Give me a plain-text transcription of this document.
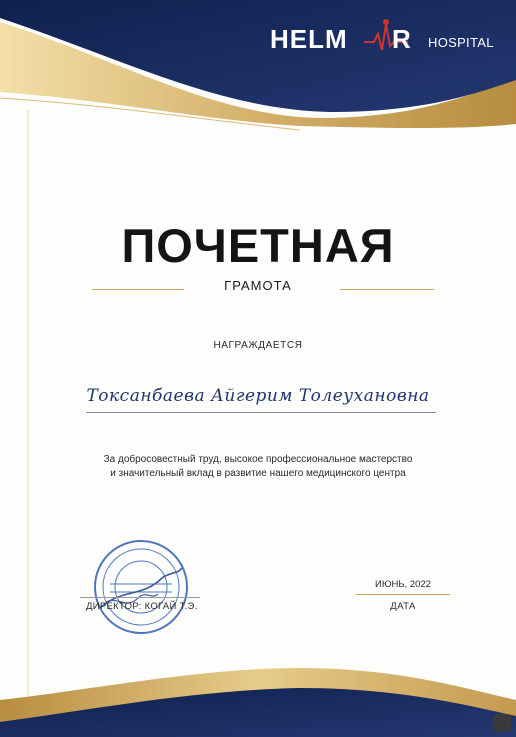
HELM R HOSPITAL
ПОЧЕТНАЯ
ГРАМОТА
НАГРАЖДАЕТСЯ
Токсанбаева Айгерим Толеухановна
За добросовестный труд, высокое профессиональное мастерство
и значительный вклад в развитие нашего медицинского центра
ДИРЕКТОР: КОГАЙ Т.Э.
ИЮНЬ, 2022
ДАТА
